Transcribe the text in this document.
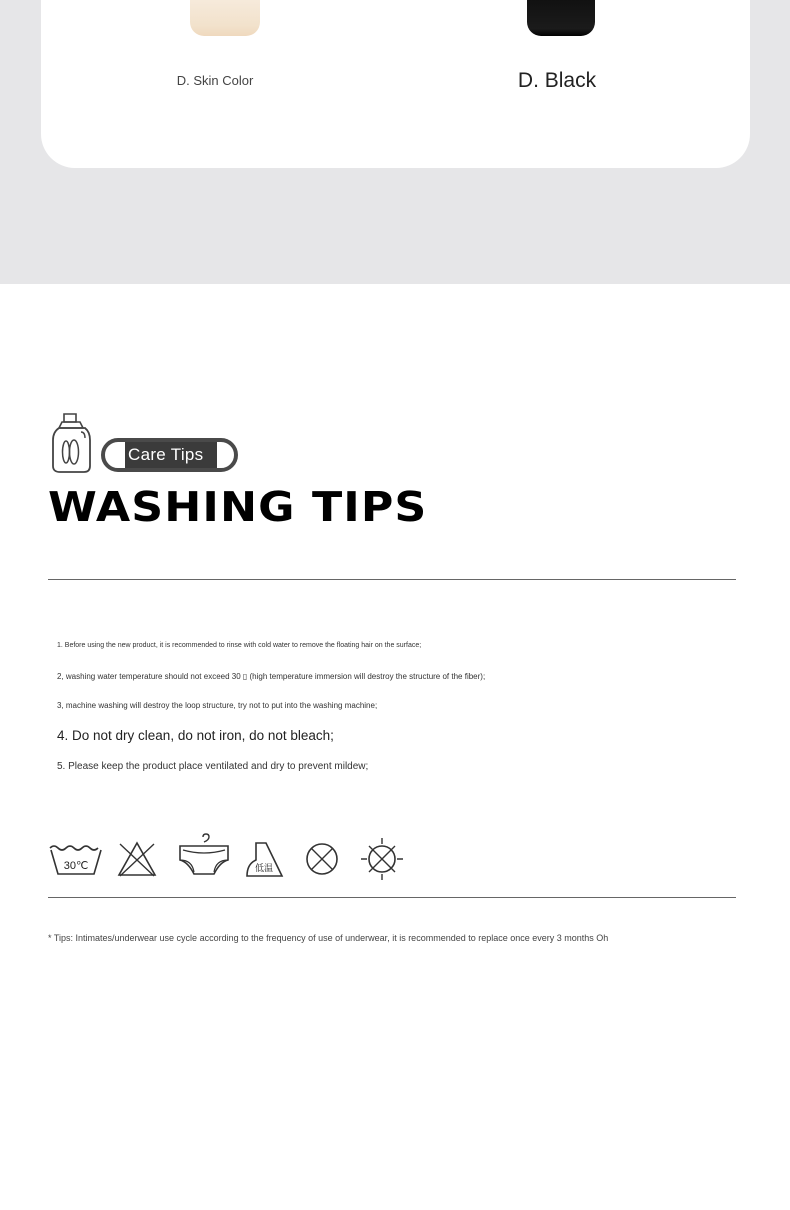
D. Skin Color	D. Black
Care Tips
WASHING TIPS
1. Before using the new product, it is recommended to rinse with cold water to remove the floating hair on the surface;
2, washing water temperature should not exceed 30 ▯ (high temperature immersion will destroy the structure of the fiber);
3, machine washing will destroy the loop structure, try not to put into the washing machine;
4. Do not dry clean, do not iron, do not bleach;
5. Please keep the product place ventilated and dry to prevent mildew;
30℃	低温
* Tips: Intimates/underwear use cycle according to the frequency of use of underwear, it is recommended to replace once every 3 months Oh
